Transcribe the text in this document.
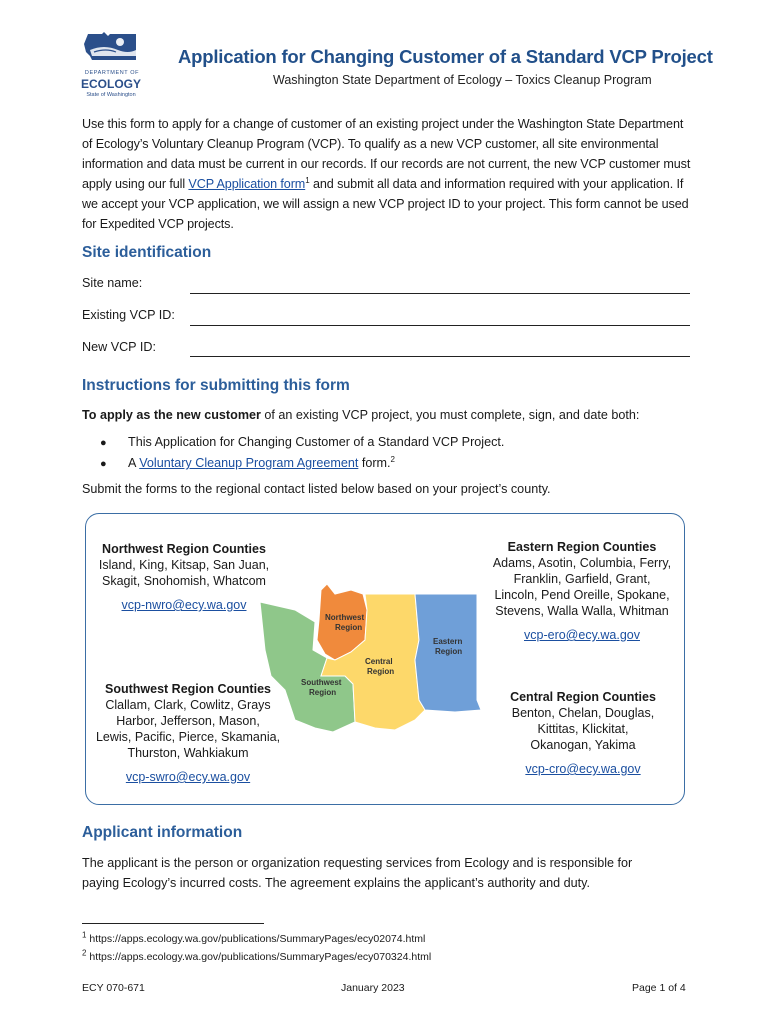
DEPARTMENT OF
ECOLOGY
State of Washington
Application for Changing Customer of a Standard VCP Project
Washington State Department of Ecology – Toxics Cleanup Program
Use this form to apply for a change of customer of an existing project under the Washington State Department of Ecology’s Voluntary Cleanup Program (VCP). To qualify as a new VCP customer, all site environmental information and data must be current in our records. If our records are not current, the new VCP customer must apply using our full VCP Application form$^1$ and submit all data and information required with your application. If we accept your VCP application, we will assign a new VCP project ID to your project. This form cannot be used for Expedited VCP projects.
Site identification
Site name:
Existing VCP ID:
New VCP ID:
Instructions for submitting this form
To apply as the new customer of an existing VCP project, you must complete, sign, and date both:
● This Application for Changing Customer of a Standard VCP Project.
● A Voluntary Cleanup Program Agreement form.$^2$
Submit the forms to the regional contact listed below based on your project’s county.
Northwest
Region
Eastern
Region
Central
Region
Southwest
Region
Northwest Region Counties
Island, King, Kitsap, San Juan,
Skagit, Snohomish, Whatcom
vcp-nwro@ecy.wa.gov
Eastern Region Counties
Adams, Asotin, Columbia, Ferry,
Franklin, Garfield, Grant,
Lincoln, Pend Oreille, Spokane,
Stevens, Walla Walla, Whitman
vcp-ero@ecy.wa.gov
Southwest Region Counties
Clallam, Clark, Cowlitz, Grays
Harbor, Jefferson, Mason,
Lewis, Pacific, Pierce, Skamania,
Thurston, Wahkiakum
vcp-swro@ecy.wa.gov
Central Region Counties
Benton, Chelan, Douglas,
Kittitas, Klickitat,
Okanogan, Yakima
vcp-cro@ecy.wa.gov
Applicant information
The applicant is the person or organization requesting services from Ecology and is responsible for
paying Ecology’s incurred costs. The agreement explains the applicant’s authority and duty.
$^1$ https://apps.ecology.wa.gov/publications/SummaryPages/ecy02074.html
$^2$ https://apps.ecology.wa.gov/publications/SummaryPages/ecy070324.html
ECY 070-671	January 2023	Page 1 of 4
